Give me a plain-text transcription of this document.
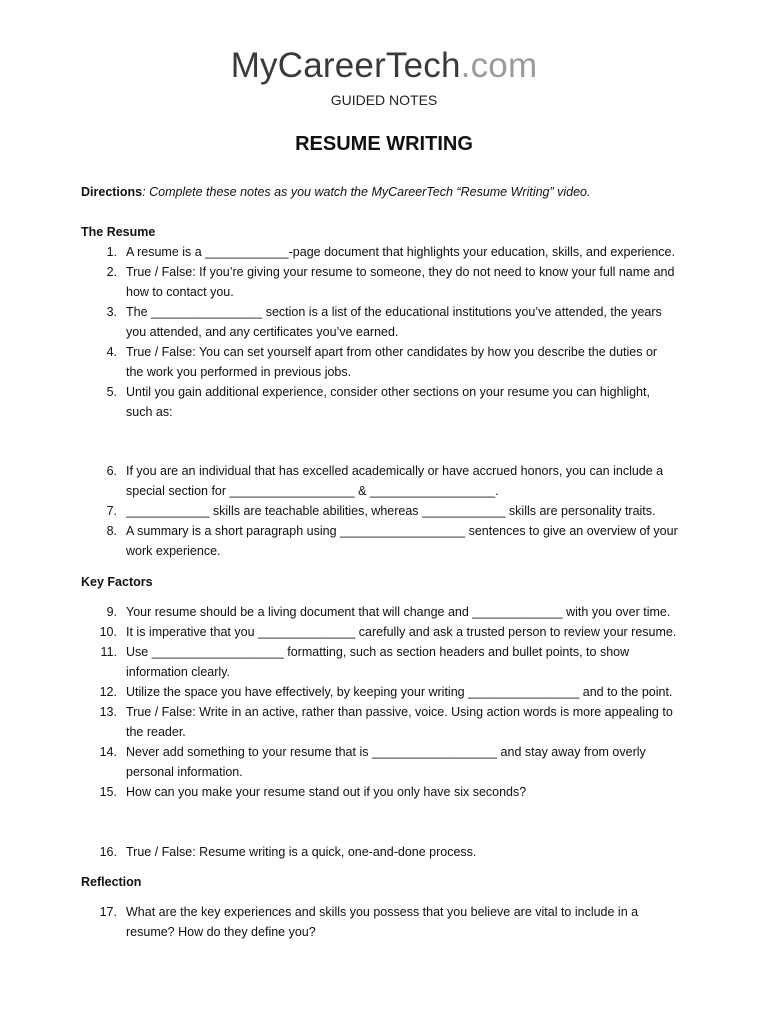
MyCareerTech.com
GUIDED NOTES
RESUME WRITING
Directions: Complete these notes as you watch the MyCareerTech “Resume Writing” video.
The Resume
1. A resume is a ____________-page document that highlights your education, skills, and experience.
2. True / False: If you’re giving your resume to someone, they do not need to know your full name and
how to contact you.
3. The ________________ section is a list of the educational institutions you’ve attended, the years
you attended, and any certificates you’ve earned.
4. True / False: You can set yourself apart from other candidates by how you describe the duties or
the work you performed in previous jobs.
5. Until you gain additional experience, consider other sections on your resume you can highlight,
such as:
6. If you are an individual that has excelled academically or have accrued honors, you can include a
special section for __________________ & __________________.
7. ____________ skills are teachable abilities, whereas ____________ skills are personality traits.
8. A summary is a short paragraph using __________________ sentences to give an overview of your
work experience.
Key Factors
9. Your resume should be a living document that will change and _____________ with you over time.
10. It is imperative that you ______________ carefully and ask a trusted person to review your resume.
11. Use ___________________ formatting, such as section headers and bullet points, to show
information clearly.
12. Utilize the space you have effectively, by keeping your writing ________________ and to the point.
13. True / False: Write in an active, rather than passive, voice. Using action words is more appealing to
the reader.
14. Never add something to your resume that is __________________ and stay away from overly
personal information.
15. How can you make your resume stand out if you only have six seconds?
16. True / False: Resume writing is a quick, one-and-done process.
Reflection
17. What are the key experiences and skills you possess that you believe are vital to include in a
resume? How do they define you?
